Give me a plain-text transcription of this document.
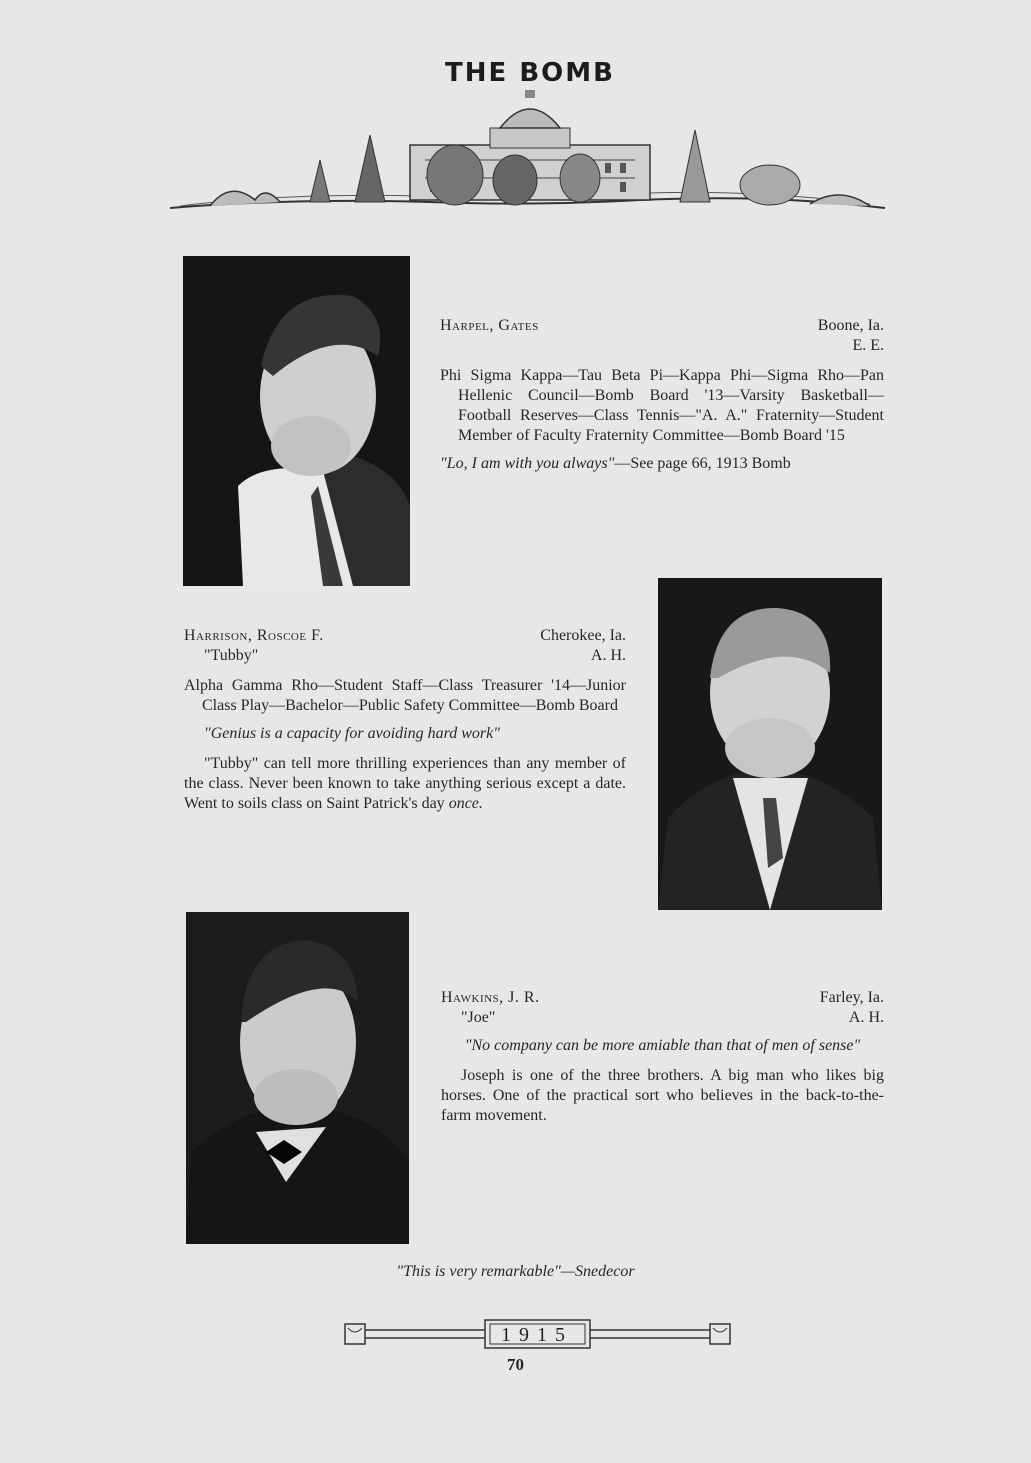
THE BOMB
Harpel, Gates	Boone, Ia.
E. E.
Phi Sigma Kappa—Tau Beta Pi—Kappa Phi—Sigma Rho—Pan Hellenic Council—Bomb Board '13—Varsity Basketball—Football Reserves—Class Tennis—"A. A." Fraternity—Student Member of Faculty Fraternity Committee—Bomb Board '15
"Lo, I am with you always"—See page 66, 1913 Bomb
Harrison, Roscoe F.	Cherokee, Ia.
"Tubby"	A. H.
Alpha Gamma Rho—Student Staff—Class Treasurer '14—Junior Class Play—Bachelor—Public Safety Committee—Bomb Board
"Genius is a capacity for avoiding hard work"
"Tubby" can tell more thrilling experiences than any member of the class. Never been known to take anything serious except a date. Went to soils class on Saint Patrick's day once.
Hawkins, J. R.	Farley, Ia.
"Joe"	A. H.
"No company can be more amiable than that of men of sense"
Joseph is one of the three brothers. A big man who likes big horses. One of the practical sort who believes in the back-to-the-farm movement.
"This is very remarkable"—Snedecor
1915
70
